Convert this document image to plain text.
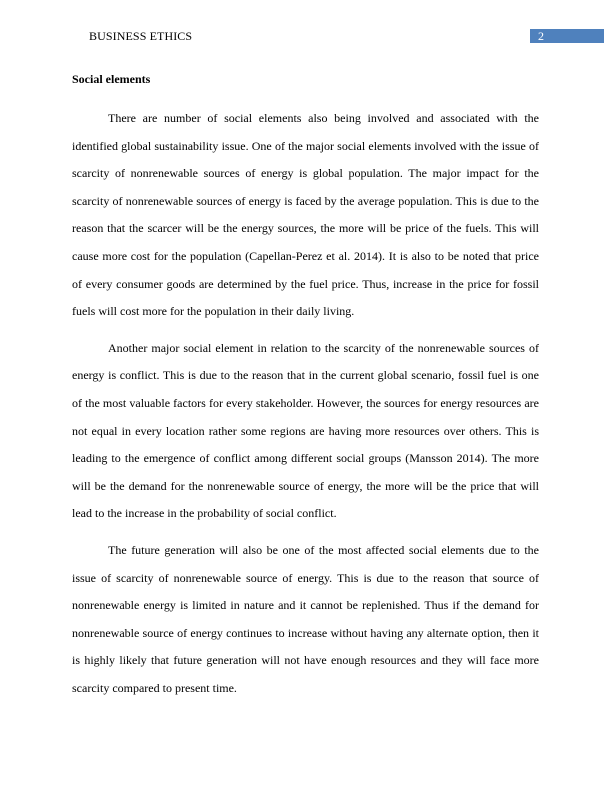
BUSINESS ETHICS	2
Social elements

There are number of social elements also being involved and associated with the identified global sustainability issue. One of the major social elements involved with the issue of scarcity of nonrenewable sources of energy is global population. The major impact for the scarcity of nonrenewable sources of energy is faced by the average population. This is due to the reason that the scarcer will be the energy sources, the more will be price of the fuels. This will cause more cost for the population (Capellan-Perez et al. 2014). It is also to be noted that price of every consumer goods are determined by the fuel price. Thus, increase in the price for fossil fuels will cost more for the population in their daily living.

Another major social element in relation to the scarcity of the nonrenewable sources of energy is conflict. This is due to the reason that in the current global scenario, fossil fuel is one of the most valuable factors for every stakeholder. However, the sources for energy resources are not equal in every location rather some regions are having more resources over others. This is leading to the emergence of conflict among different social groups (Mansson 2014). The more will be the demand for the nonrenewable source of energy, the more will be the price that will lead to the increase in the probability of social conflict.

The future generation will also be one of the most affected social elements due to the issue of scarcity of nonrenewable source of energy. This is due to the reason that source of nonrenewable energy is limited in nature and it cannot be replenished. Thus if the demand for nonrenewable source of energy continues to increase without having any alternate option, then it is highly likely that future generation will not have enough resources and they will face more scarcity compared to present time.
